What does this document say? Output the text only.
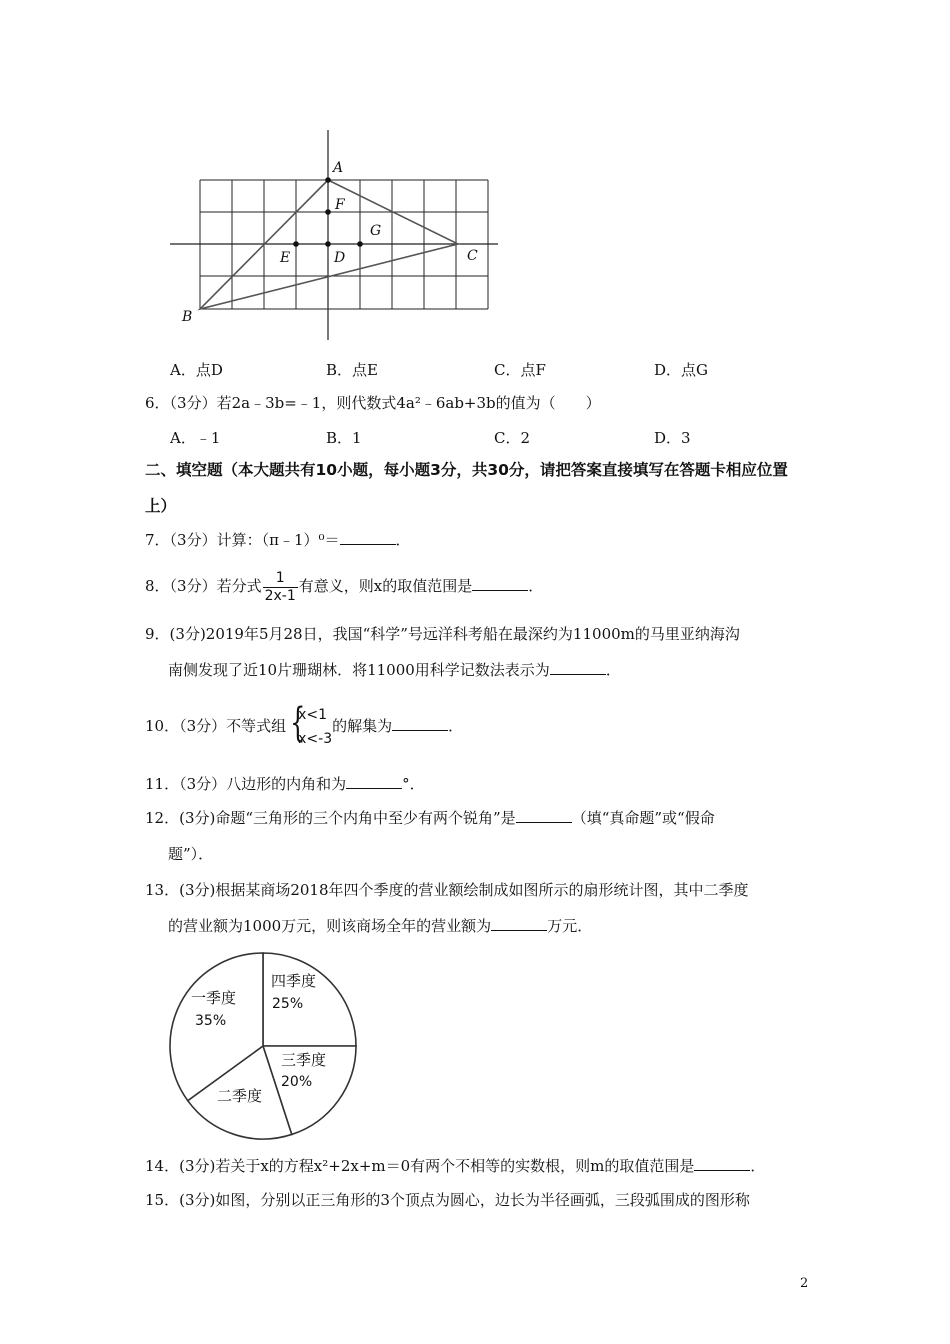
A
B
C
D
E
F
G
A．点D	B．点E	C．点F	D．点G
6．（3分）若2a﹣3b=﹣1，则代数式4a²﹣6ab+3b的值为（　　）
A．﹣1	B．1	C．2	D．3
二、填空题（本大题共有10小题，每小题3分，共30分，请把答案直接填写在答题卡相应位置
上）
7．（3分）计算：（π﹣1）⁰＝	．
8．（3分）若分式 $\frac{1}{2x-1}$ 有意义，则x的取值范围是	．
9．(3分)2019年5月28日，我国“科学”号远洋科考船在最深约为11000m的马里亚纳海沟
南侧发现了近10片珊瑚林．将11000用科学记数法表示为	．
10．（3分）不等式组 {
x<1
x<-3
的解集为	．
11．（3分）八边形的内角和为	°．
12．(3分)命题“三角形的三个内角中至少有两个锐角”是	（填“真命题”或“假命
题”）．
13．(3分)根据某商场2018年四个季度的营业额绘制成如图所示的扇形统计图，其中二季度
的营业额为1000万元，则该商场全年的营业额为	万元．
一季度
35%
四季度
25%
三季度
20%
二季度
14．(3分)若关于x的方程x²+2x+m＝0有两个不相等的实数根，则m的取值范围是	．
15．(3分)如图，分别以正三角形的3个顶点为圆心，边长为半径画弧，三段弧围成的图形称
2
